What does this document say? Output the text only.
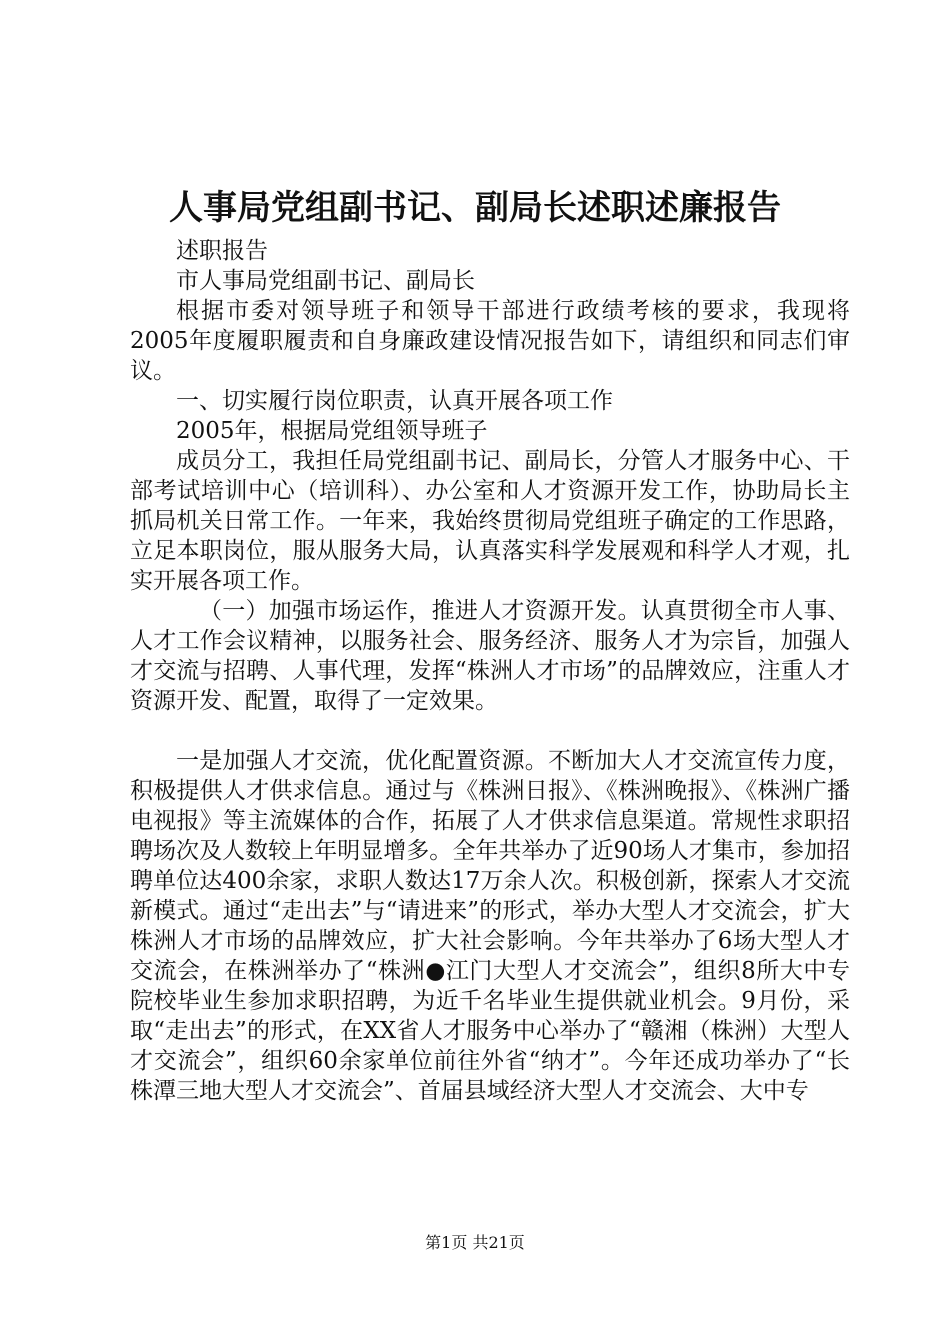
人事局党组副书记、副局长述职述廉报告

述职报告

市人事局党组副书记、副局长

根据市委对领导班子和领导干部进行政绩考核的要求，我现将2005年度履职履责和自身廉政建设情况报告如下，请组织和同志们审议。

一、切实履行岗位职责，认真开展各项工作

2005年，根据局党组领导班子

成员分工，我担任局党组副书记、副局长，分管人才服务中心、干部考试培训中心（培训科）、办公室和人才资源开发工作，协助局长主抓局机关日常工作。一年来，我始终贯彻局党组班子确定的工作思路，立足本职岗位，服从服务大局，认真落实科学发展观和科学人才观，扎实开展各项工作。

（一）加强市场运作，推进人才资源开发。认真贯彻全市人事、人才工作会议精神，以服务社会、服务经济、服务人才为宗旨，加强人才交流与招聘、人事代理，发挥“株洲人才市场”的品牌效应，注重人才资源开发、配置，取得了一定效果。

一是加强人才交流，优化配置资源。不断加大人才交流宣传力度，积极提供人才供求信息。通过与《株洲日报》、《株洲晚报》、《株洲广播电视报》等主流媒体的合作，拓展了人才供求信息渠道。常规性求职招聘场次及人数较上年明显增多。全年共举办了近90场人才集市，参加招聘单位达400余家，求职人数达17万余人次。积极创新，探索人才交流新模式。通过“走出去”与“请进来”的形式，举办大型人才交流会，扩大株洲人才市场的品牌效应，扩大社会影响。今年共举办了6场大型人才交流会，在株洲举办了“株洲●江门大型人才交流会”，组织8所大中专院校毕业生参加求职招聘，为近千名毕业生提供就业机会。9月份，采取“走出去”的形式，在XX省人才服务中心举办了“赣湘（株洲）大型人才交流会”，组织60余家单位前往外省“纳才”。今年还成功举办了“长株潭三地大型人才交流会”、首届县域经济大型人才交流会、大中专

第1页 共21页
